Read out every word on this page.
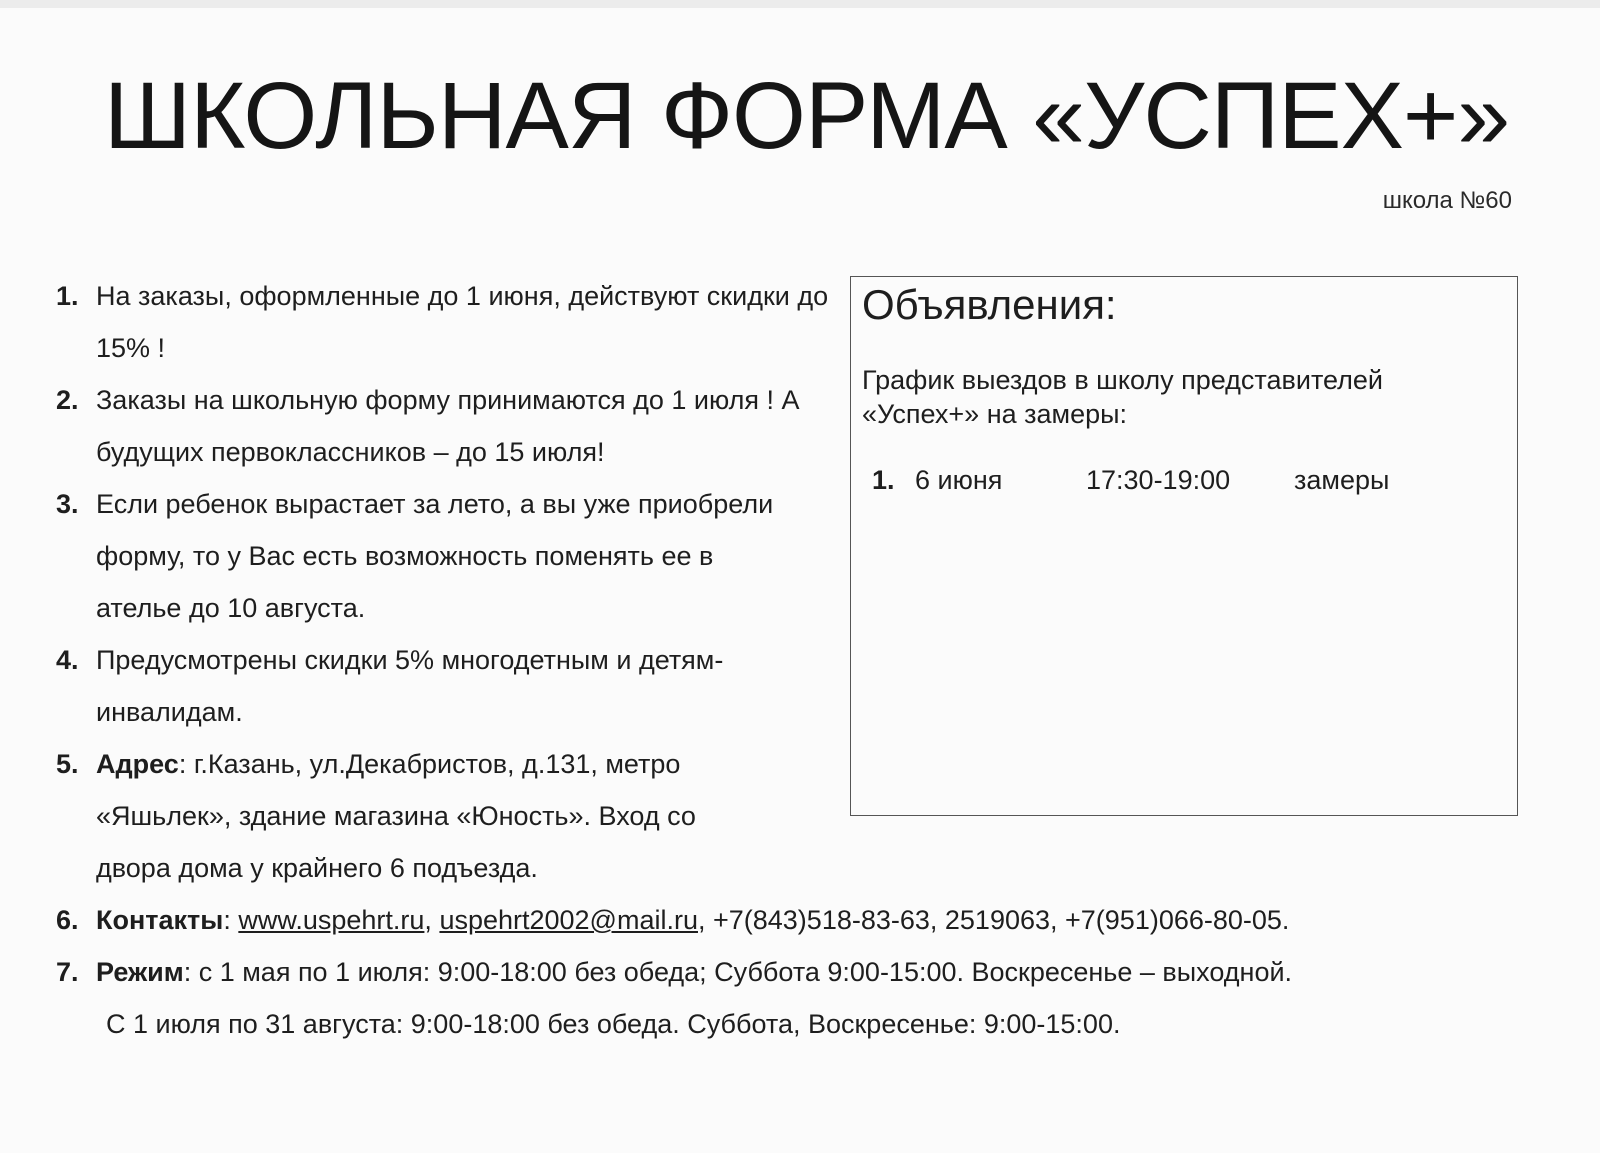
ШКОЛЬНАЯ ФОРМА «УСПЕХ+»
школа №60
1. На заказы, оформленные до 1 июня, действуют скидки до 15% !
2. Заказы на школьную форму принимаются до 1 июля ! А будущих первоклассников – до 15 июля!
3. Если ребенок вырастает за лето, а вы уже приобрели форму, то у Вас есть возможность поменять ее в ателье до 10 августа.
4. Предусмотрены скидки 5% многодетным и детям-инвалидам.
5. Адрес: г.Казань, ул.Декабристов, д.131, метро «Яшьлек», здание магазина «Юность». Вход со двора дома у крайнего 6 подъезда.
6. Контакты: www.uspehrt.ru, uspehrt2002@mail.ru, +7(843)518-83-63, 2519063, +7(951)066-80-05.
7. Режим: с 1 мая по 1 июля: 9:00-18:00 без обеда; Суббота 9:00-15:00. Воскресенье – выходной.
С 1 июля по 31 августа: 9:00-18:00 без обеда. Суббота, Воскресенье: 9:00-15:00.
Объявления:
График выездов в школу представителей «Успех+» на замеры:
1. 6 июня	17:30-19:00 замеры
